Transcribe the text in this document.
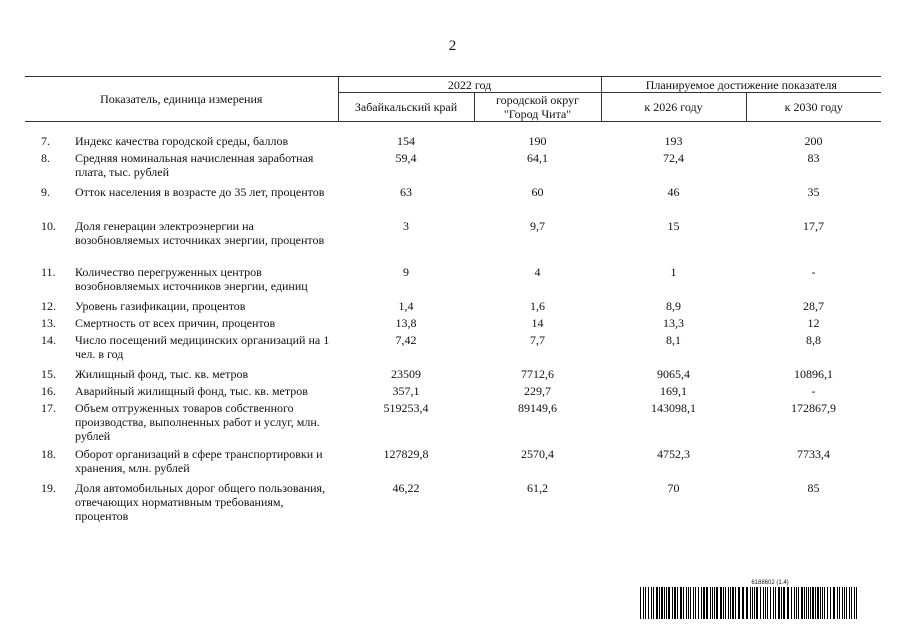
2
Показатель, единица измерения		2022 год		Планируемое достижение показателя	
		Забайкальский край	городской округ "Город Чита"	к 2026 году	к 2030 году

7.	Индекс качества городской среды, баллов	154	190	193	200
8.	Средняя номинальная начисленная заработная плата, тыс. рублей	59,4	64,1	72,4	83
9.	Отток населения в возрасте до 35 лет, процентов	63	60	46	35
10.	Доля генерации электроэнергии на возобновляемых источниках энергии, процентов	3	9,7	15	17,7
11.	Количество перегруженных центров возобновляемых источников энергии, единиц	9	4	1	-
12.	Уровень газификации, процентов	1,4	1,6	8,9	28,7
13.	Смертность от всех причин, процентов	13,8	14	13,3	12
14.	Число посещений медицинских организаций на 1 чел. в год	7,42	7,7	8,1	8,8
15.	Жилищный фонд, тыс. кв. метров	23509	7712,6	9065,4	10896,1
16.	Аварийный жилищный фонд, тыс. кв. метров	357,1	229,7	169,1	-
17.	Объем отгруженных товаров собственного производства, выполненных работ и услуг, млн. рублей	519253,4	89149,6	143098,1	172867,9
18.	Оборот организаций в сфере транспортировки и хранения, млн. рублей	127829,8	2570,4	4752,3	7733,4
19.	Доля автомобильных дорог общего пользования, отвечающих нормативным требованиям, процентов	46,22	61,2	70	85
6188602 (1.4)
